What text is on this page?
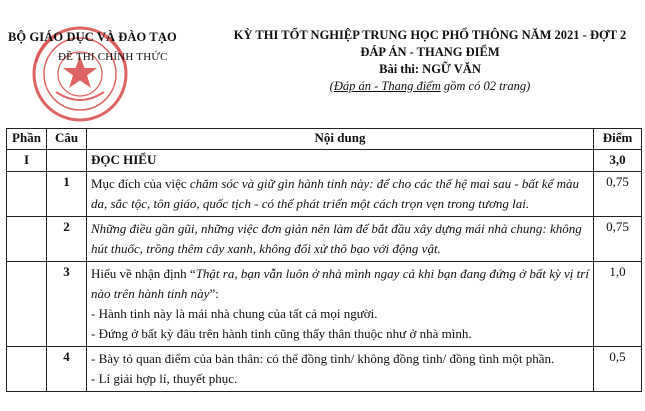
BỘ GIÁO DỤC VÀ ĐÀO TẠO
ĐỀ THI CHÍNH THỨC
KỲ THI TỐT NGHIỆP TRUNG HỌC PHỔ THÔNG NĂM 2021 - ĐỢT 2
ĐÁP ÁN - THANG ĐIỂM
Bài thi: NGỮ VĂN
(Đáp án - Thang điểm gồm có 02 trang)
Phần	Câu	Nội dung	Điểm
I		ĐỌC HIỂU	3,0
	1	Mục đích của việc chăm sóc và giữ gìn hành tinh này: để cho các thế hệ mai sau - bất kể màu da, sắc tộc, tôn giáo, quốc tịch - có thể phát triển một cách trọn vẹn trong tương lai.	0,75
	2	Những điều gần gũi, những việc đơn giản nên làm để bắt đầu xây dựng mái nhà chung: không hút thuốc, trồng thêm cây xanh, không đối xử thô bạo với động vật.	0,75
	3	Hiểu về nhận định “Thật ra, bạn vẫn luôn ở nhà mình ngay cả khi bạn đang đứng ở bất kỳ vị trí nào trên hành tinh này”:
- Hành tinh này là mái nhà chung của tất cả mọi người.
- Đứng ở bất kỳ đâu trên hành tinh cũng thấy thân thuộc như ở nhà mình.	1,0
	4	- Bày tỏ quan điểm của bản thân: có thể đồng tình/ không đồng tình/ đồng tình một phần.
- Lí giải hợp lí, thuyết phục.	0,5
